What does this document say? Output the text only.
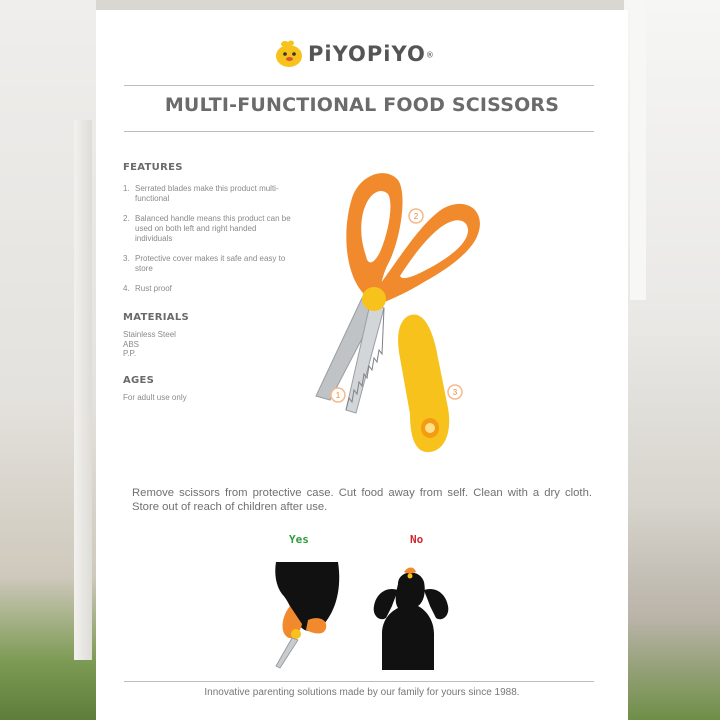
PiYOPiYO®
MULTI-FUNCTIONAL FOOD SCISSORS
FEATURES
1. Serrated blades make this product multi-functional
2. Balanced handle means this product can be used on both left and right handed individuals
3. Protective cover makes it safe and easy to store
4. Rust proof
MATERIALS
Stainless Steel
ABS
P.P.
AGES
For adult use only	1
2
3
Remove scissors from protective case. Cut food away from self. Clean with a dry cloth. Store out of reach of children after use.
Yes	No
Innovative parenting solutions made by our family for yours since 1988.
